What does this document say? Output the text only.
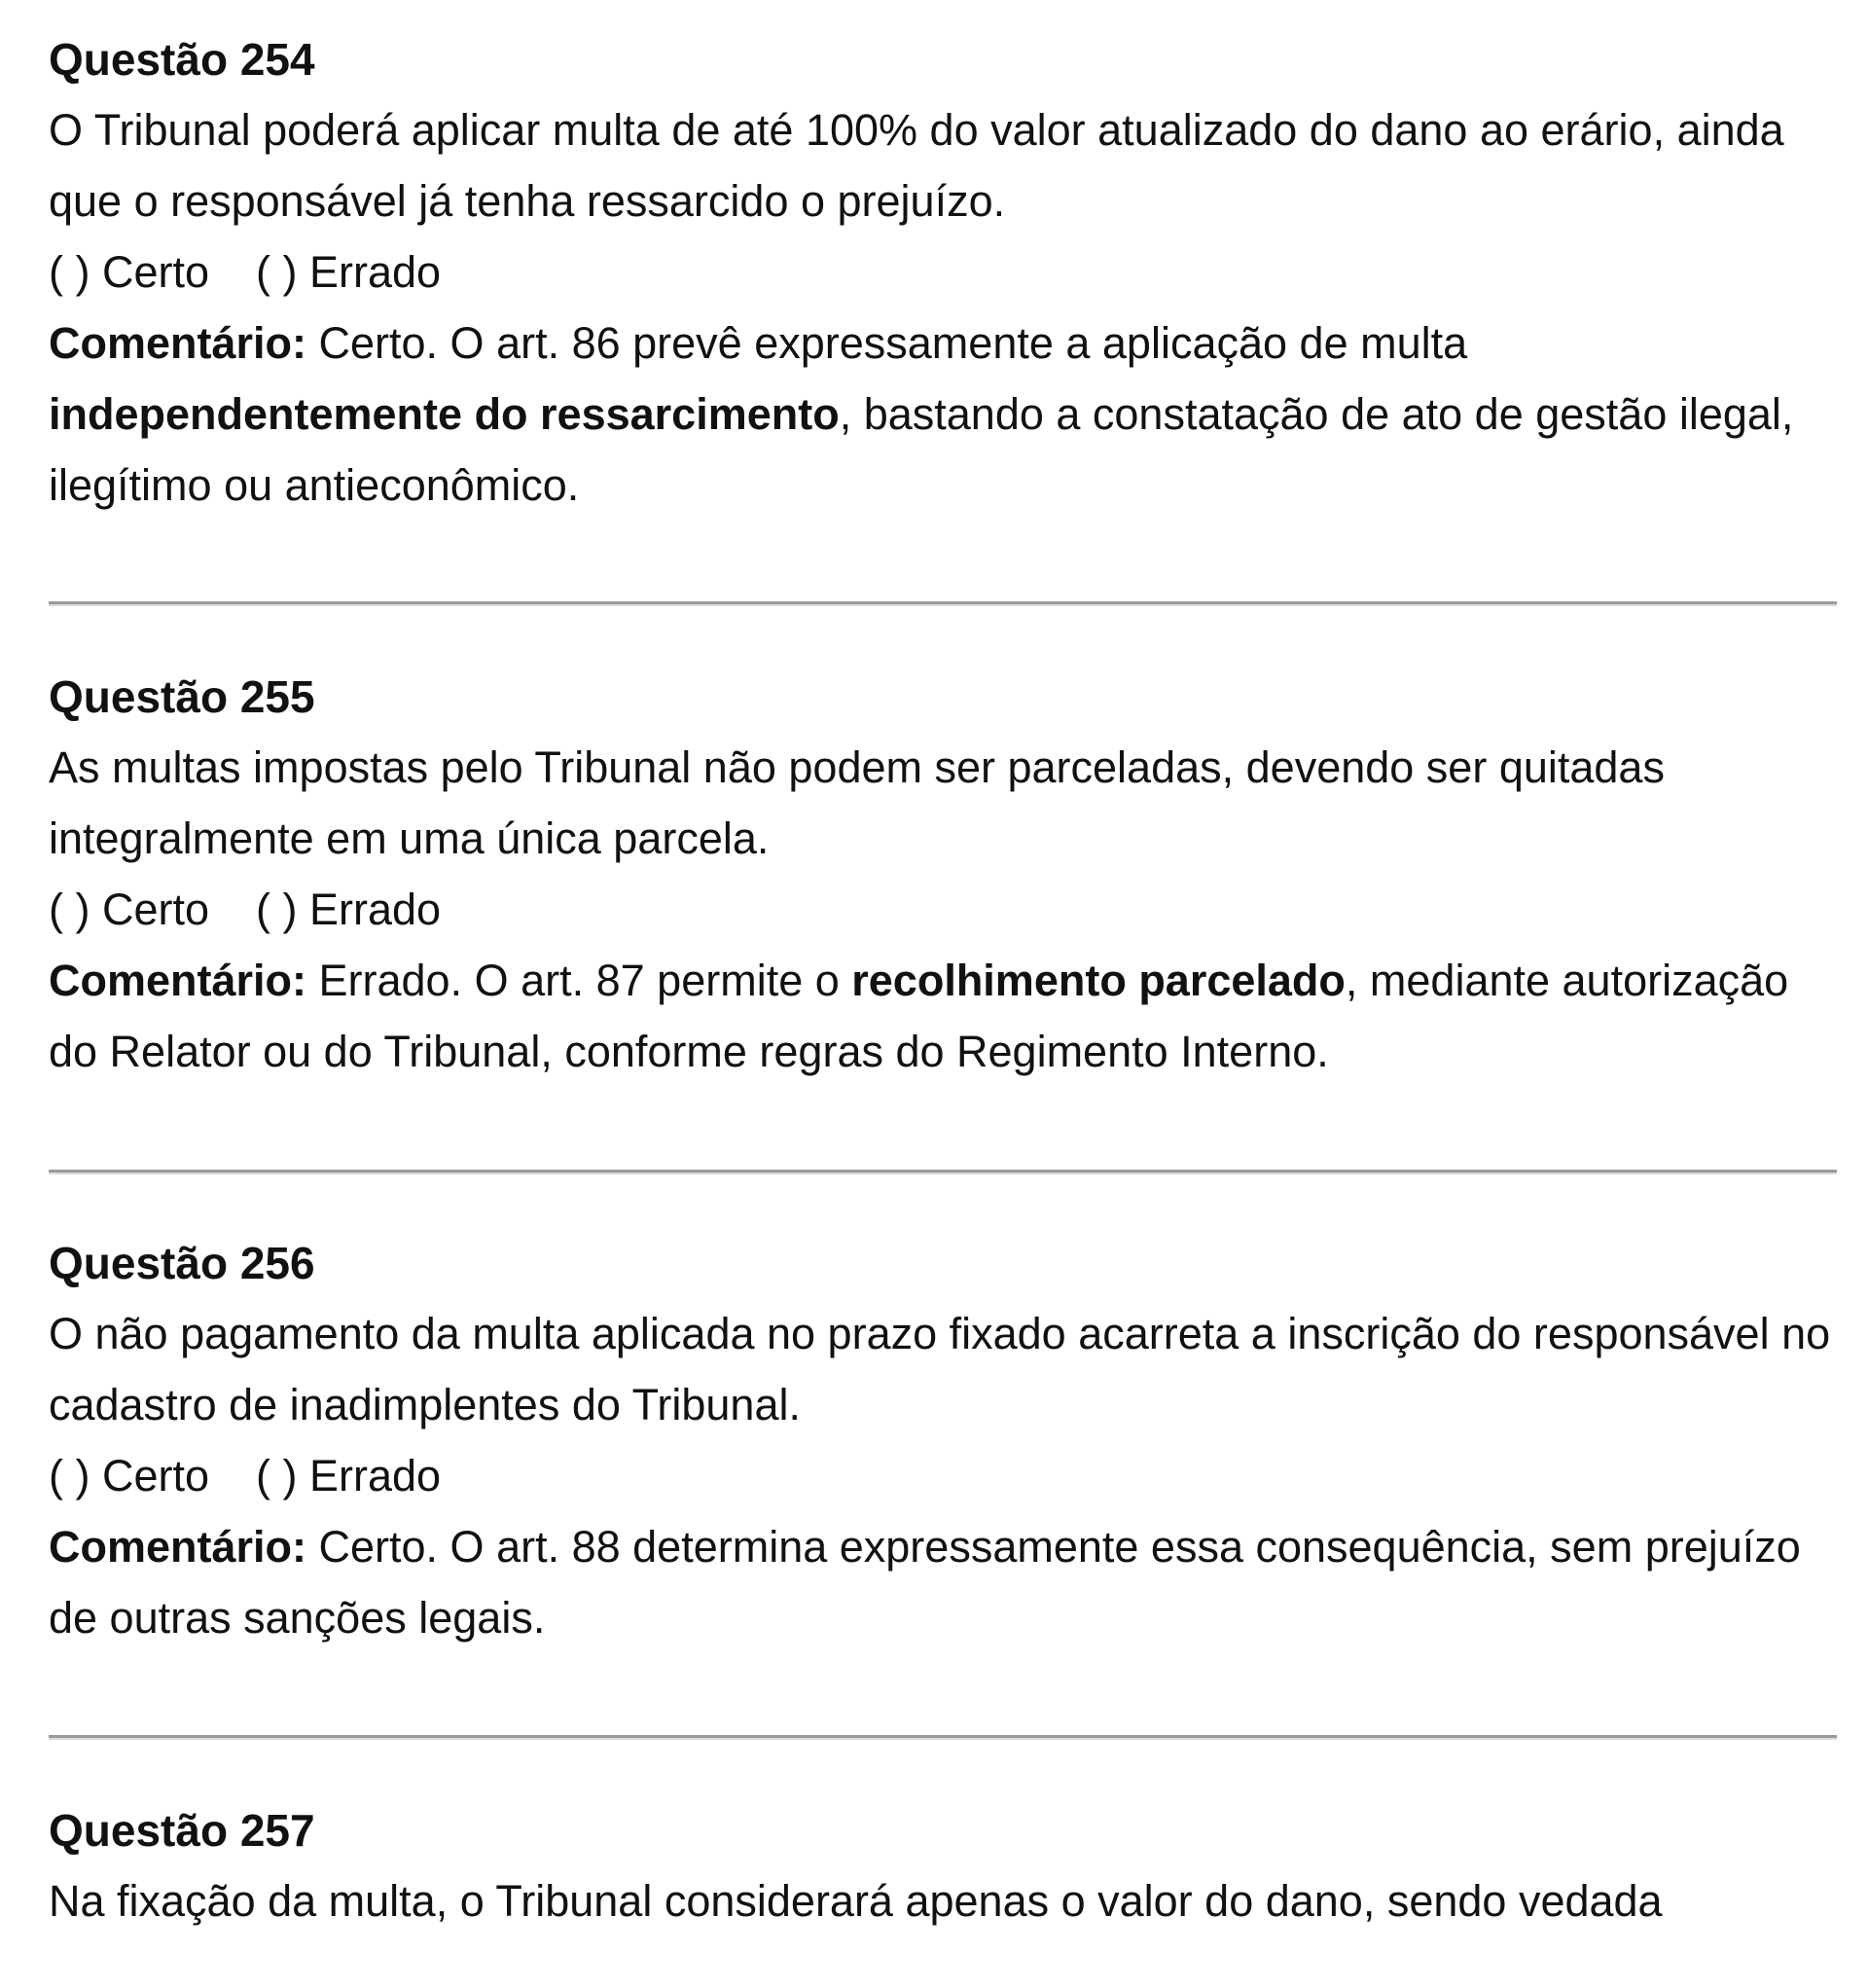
Questão 254

O Tribunal poderá aplicar multa de até 100% do valor atualizado do dano ao erário, ainda que o responsável já tenha ressarcido o prejuízo.

( ) Certo ( ) Errado

Comentário: Certo. O art. 86 prevê expressamente a aplicação de multa independentemente do ressarcimento, bastando a constatação de ato de gestão ilegal, ilegítimo ou antieconômico.

Questão 255

As multas impostas pelo Tribunal não podem ser parceladas, devendo ser quitadas integralmente em uma única parcela.

( ) Certo ( ) Errado

Comentário: Errado. O art. 87 permite o recolhimento parcelado, mediante autorização do Relator ou do Tribunal, conforme regras do Regimento Interno.

Questão 256

O não pagamento da multa aplicada no prazo fixado acarreta a inscrição do responsável no cadastro de inadimplentes do Tribunal.

( ) Certo ( ) Errado

Comentário: Certo. O art. 88 determina expressamente essa consequência, sem prejuízo de outras sanções legais.

Questão 257

Na fixação da multa, o Tribunal considerará apenas o valor do dano, sendo vedada
